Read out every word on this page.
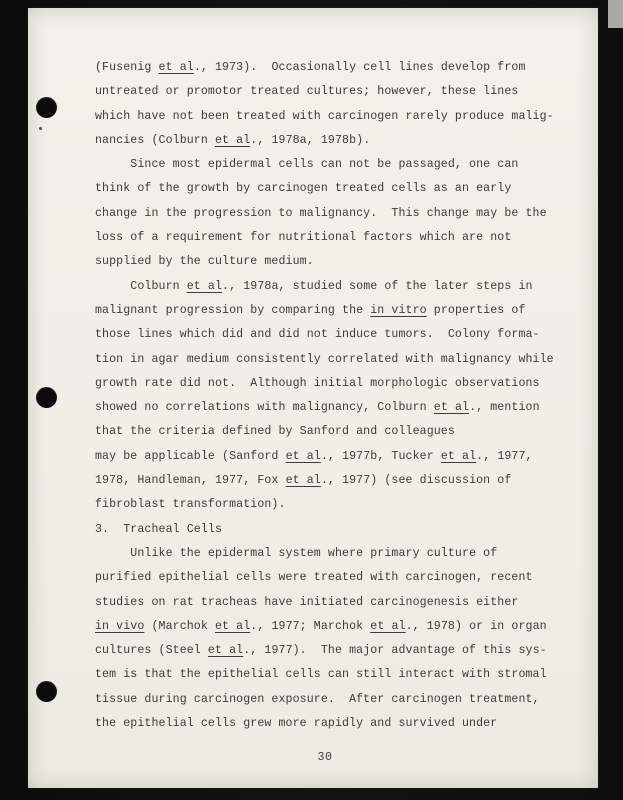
(Fusenig et al., 1973).  Occasionally cell lines develop from
untreated or promotor treated cultures; however, these lines
which have not been treated with carcinogen rarely produce malig-
nancies (Colburn et al., 1978a, 1978b).
Since most epidermal cells can not be passaged, one can
think of the growth by carcinogen treated cells as an early
change in the progression to malignancy.  This change may be the
loss of a requirement for nutritional factors which are not
supplied by the culture medium.
Colburn et al., 1978a, studied some of the later steps in
malignant progression by comparing the in vitro properties of
those lines which did and did not induce tumors.  Colony forma-
tion in agar medium consistently correlated with malignancy while
growth rate did not.  Although initial morphologic observations
showed no correlations with malignancy, Colburn et al., mention
that the criteria defined by Sanford and colleagues
may be applicable (Sanford et al., 1977b, Tucker et al., 1977,
1978, Handleman, 1977, Fox et al., 1977) (see discussion of
fibroblast transformation).
3.  Tracheal Cells
Unlike the epidermal system where primary culture of
purified epithelial cells were treated with carcinogen, recent
studies on rat tracheas have initiated carcinogenesis either
in vivo (Marchok et al., 1977; Marchok et al., 1978) or in organ
cultures (Steel et al., 1977).  The major advantage of this sys-
tem is that the epithelial cells can still interact with stromal
tissue during carcinogen exposure.  After carcinogen treatment,
the epithelial cells grew more rapidly and survived under
30
